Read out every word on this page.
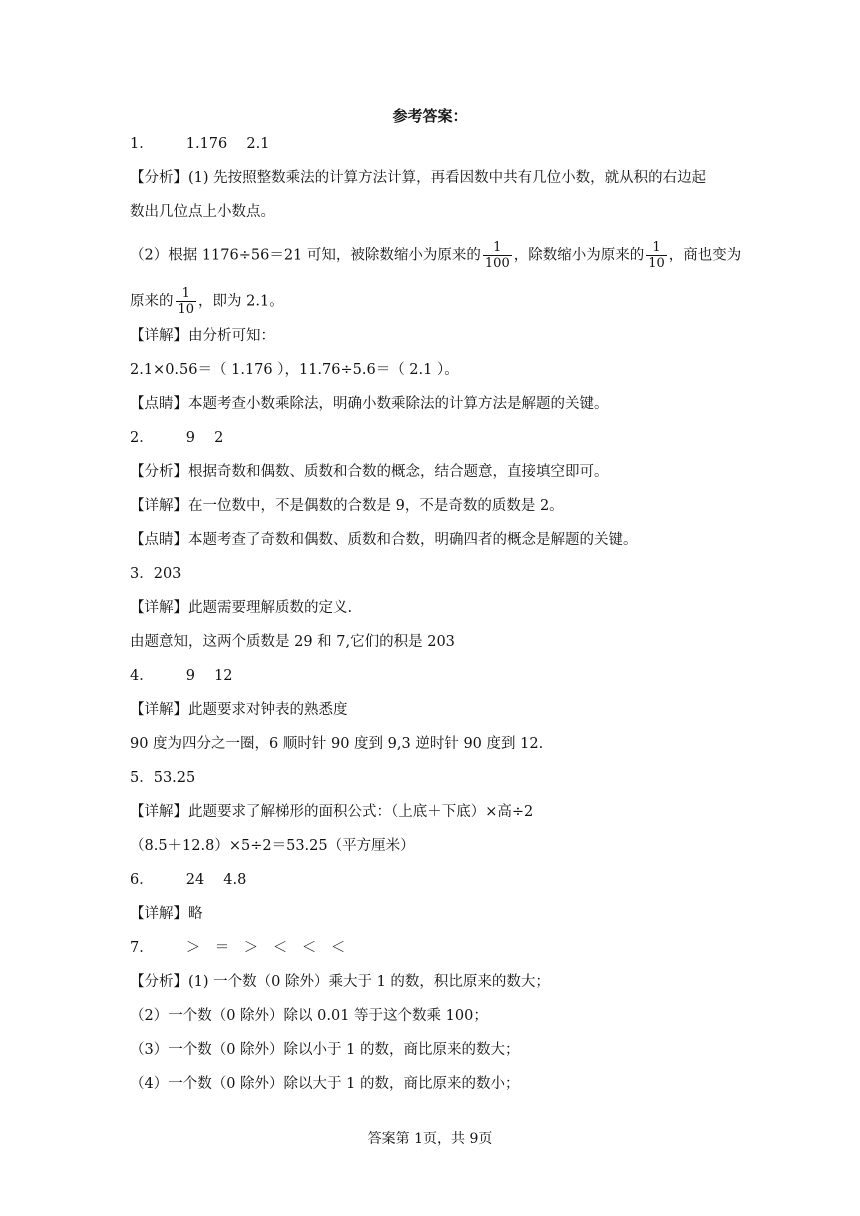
参考答案：
1． 1.176　 2.1
【分析】(1) 先按照整数乘法的计算方法计算，再看因数中共有几位小数，就从积的右边起
数出几位点上小数点。
（2）根据 1176÷56＝21 可知，被除数缩小为原来的 $\frac{1}{100}$ ，除数缩小为原来的 $\frac{1}{10}$ ，商也变为
原来的 $\frac{1}{10}$ ，即为 2.1。
【详解】由分析可知：
2.1×0.56＝（ 1.176 ），11.76÷5.6＝（ 2.1 ）。
【点睛】本题考查小数乘除法，明确小数乘除法的计算方法是解题的关键。
2． 9　 2
【分析】根据奇数和偶数、质数和合数的概念，结合题意，直接填空即可。
【详解】在一位数中，不是偶数的合数是 9，不是奇数的质数是 2。
【点睛】本题考查了奇数和偶数、质数和合数，明确四者的概念是解题的关键。
3．203
【详解】此题需要理解质数的定义.
由题意知，这两个质数是 29 和 7,它们的积是 203
4． 9　 12
【详解】此题要求对钟表的熟悉度
90 度为四分之一圈，6 顺时针 90 度到 9,3 逆时针 90 度到 12.
5．53.25
【详解】此题要求了解梯形的面积公式：（上底＋下底）×高÷2
（8.5＋12.8）×5÷2＝53.25（平方厘米）
6． 24　 4.8
【详解】略
7． ＞　＝　＞　＜　＜　＜
【分析】(1) 一个数（0 除外）乘大于 1 的数，积比原来的数大；
（2）一个数（0 除外）除以 0.01 等于这个数乘 100；
（3）一个数（0 除外）除以小于 1 的数，商比原来的数大；
（4）一个数（0 除外）除以大于 1 的数，商比原来的数小；
答案第 1页，共 9页
